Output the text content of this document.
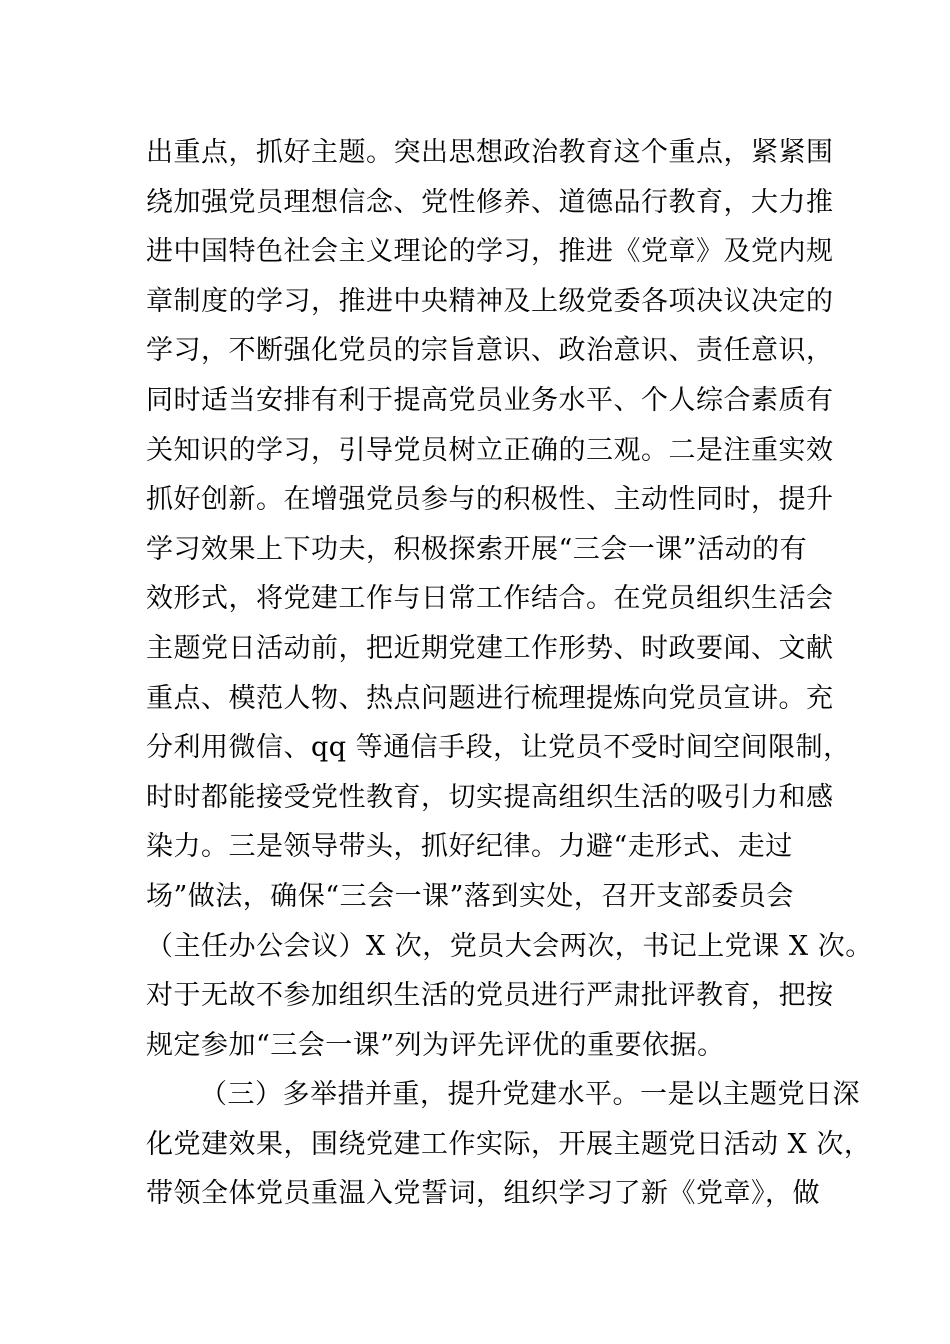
出重点，抓好主题。突出思想政治教育这个重点，紧紧围
绕加强党员理想信念、党性修养、道德品行教育，大力推
进中国特色社会主义理论的学习，推进《党章》及党内规
章制度的学习，推进中央精神及上级党委各项决议决定的
学习，不断强化党员的宗旨意识、政治意识、责任意识，
同时适当安排有利于提高党员业务水平、个人综合素质有
关知识的学习，引导党员树立正确的三观。二是注重实效
抓好创新。在增强党员参与的积极性、主动性同时，提升
学习效果上下功夫，积极探索开展“三会一课”活动的有
效形式，将党建工作与日常工作结合。在党员组织生活会
主题党日活动前，把近期党建工作形势、时政要闻、文献
重点、模范人物、热点问题进行梳理提炼向党员宣讲。充
分利用微信、qq 等通信手段，让党员不受时间空间限制，
时时都能接受党性教育，切实提高组织生活的吸引力和感
染力。三是领导带头，抓好纪律。力避“走形式、走过
场”做法，确保“三会一课”落到实处，召开支部委员会
（主任办公会议）X 次，党员大会两次，书记上党课 X 次。
对于无故不参加组织生活的党员进行严肃批评教育，把按
规定参加“三会一课”列为评先评优的重要依据。
（三）多举措并重，提升党建水平。一是以主题党日深
化党建效果，围绕党建工作实际，开展主题党日活动 X 次，
带领全体党员重温入党誓词，组织学习了新《党章》，做
